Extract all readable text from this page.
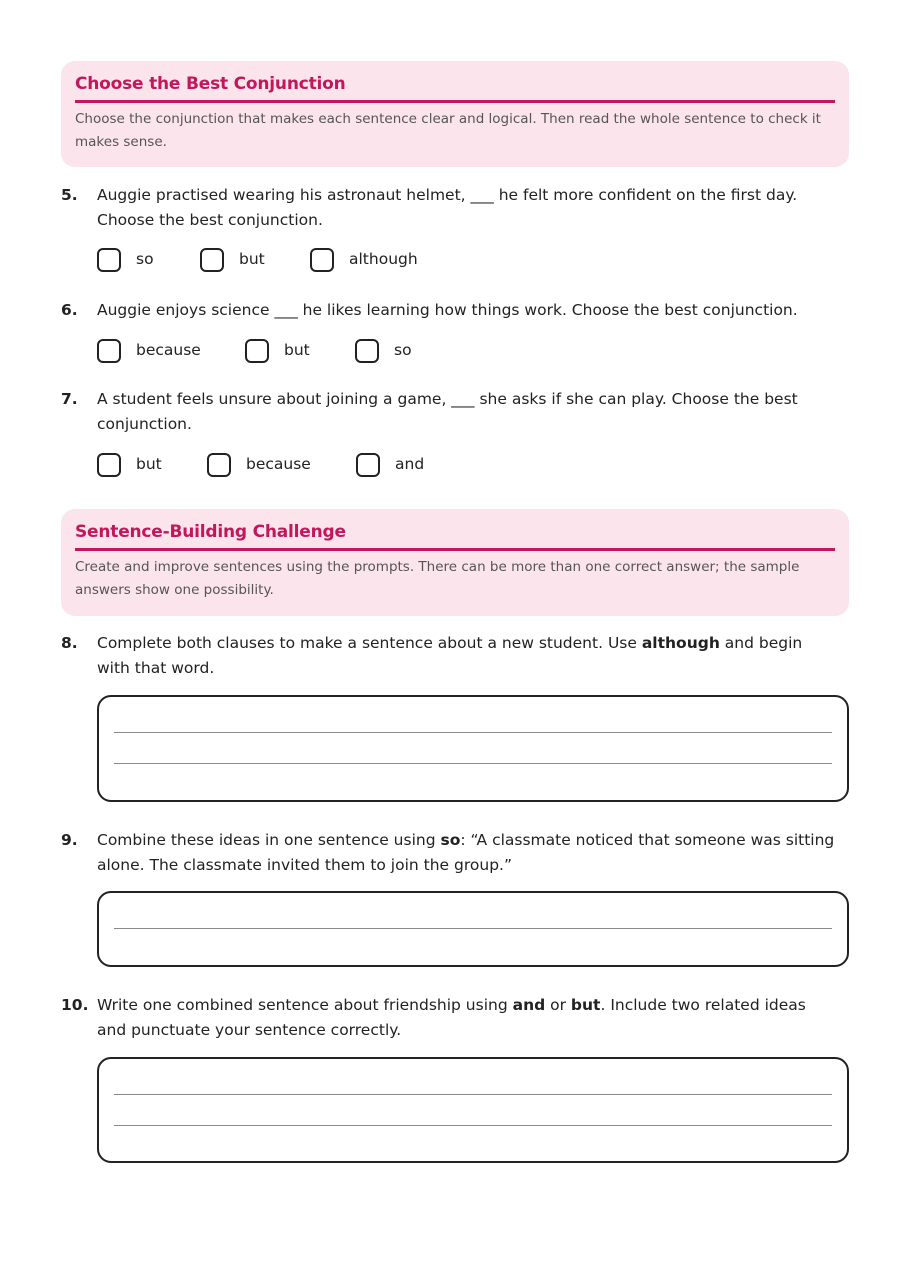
Choose the Best Conjunction
Choose the conjunction that makes each sentence clear and logical. Then read the whole sentence to check it makes sense.
5. Auggie practised wearing his astronaut helmet, ___ he felt more confident on the first day.
Choose the best conjunction.
so	but	although
6. Auggie enjoys science ___ he likes learning how things work. Choose the best conjunction.
because	but	so
7. A student feels unsure about joining a game, ___ she asks if she can play. Choose the best
conjunction.
but	because	and
Sentence-Building Challenge
Create and improve sentences using the prompts. There can be more than one correct answer; the sample answers show one possibility.
8. Complete both clauses to make a sentence about a new student. Use although and begin with that word.
9. Combine these ideas in one sentence using so: “A classmate noticed that someone was sitting alone. The classmate invited them to join the group.”
10. Write one combined sentence about friendship using and or but. Include two related ideas and punctuate your sentence correctly.
